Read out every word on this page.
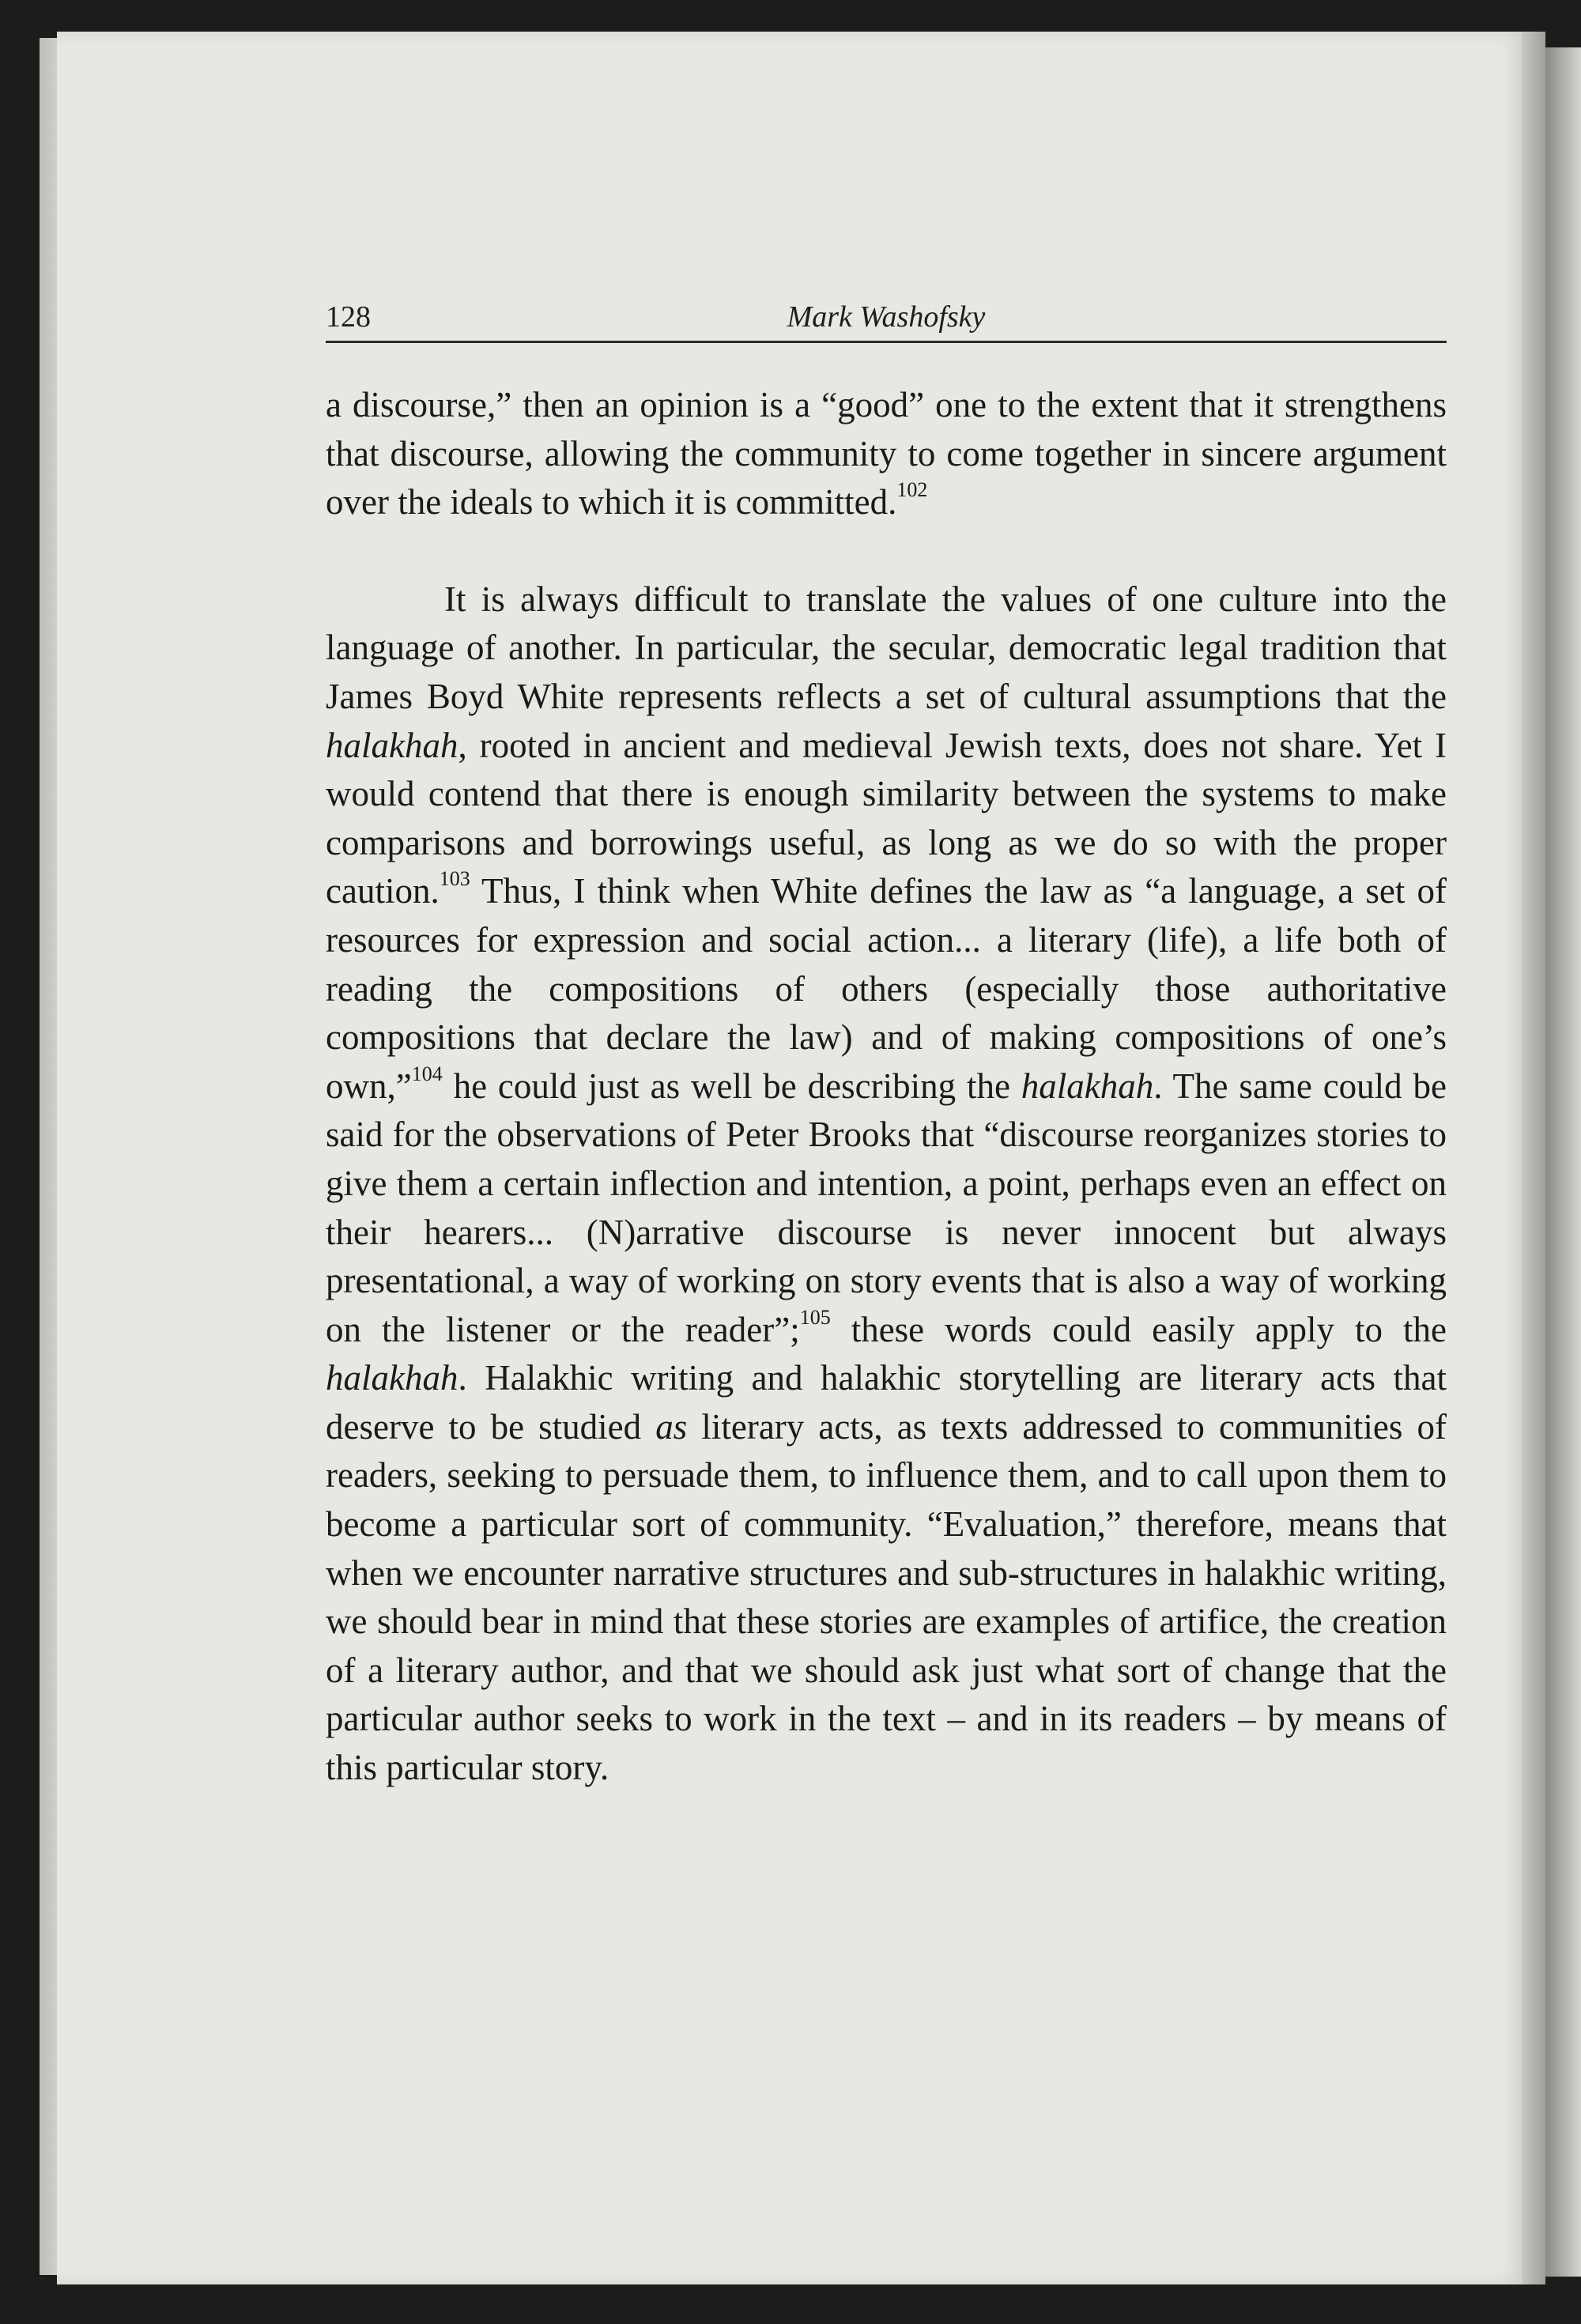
128	Mark Washofsky

a discourse,” then an opinion is a “good” one to the extent that it strengthens that discourse, allowing the community to come together in sincere argument over the ideals to which it is committed.$^{102}$

It is always difficult to translate the values of one culture into the language of another. In particular, the secular, democratic legal tradition that James Boyd White represents reflects a set of cultural assumptions that the halakhah, rooted in ancient and medieval Jewish texts, does not share. Yet I would contend that there is enough similarity between the systems to make comparisons and borrowings useful, as long as we do so with the proper caution.$^{103}$ Thus, I think when White defines the law as “a language, a set of resources for expression and social action... a literary (life), a life both of reading the compositions of others (especially those authoritative compositions that declare the law) and of making compositions of one’s own,”$^{104}$ he could just as well be describing the halakhah. The same could be said for the observations of Peter Brooks that “discourse reorganizes stories to give them a certain inflection and intention, a point, perhaps even an effect on their hearers... (N)arrative discourse is never innocent but always presentational, a way of working on story events that is also a way of working on the listener or the reader”;$^{105}$ these words could easily apply to the halakhah. Halakhic writing and halakhic storytelling are literary acts that deserve to be studied as literary acts, as texts addressed to communities of readers, seeking to persuade them, to influence them, and to call upon them to become a particular sort of community. “Evaluation,” therefore, means that when we encounter narrative structures and sub-structures in halakhic writing, we should bear in mind that these stories are examples of artifice, the creation of a literary author, and that we should ask just what sort of change that the particular author seeks to work in the text – and in its readers – by means of this particular story.
